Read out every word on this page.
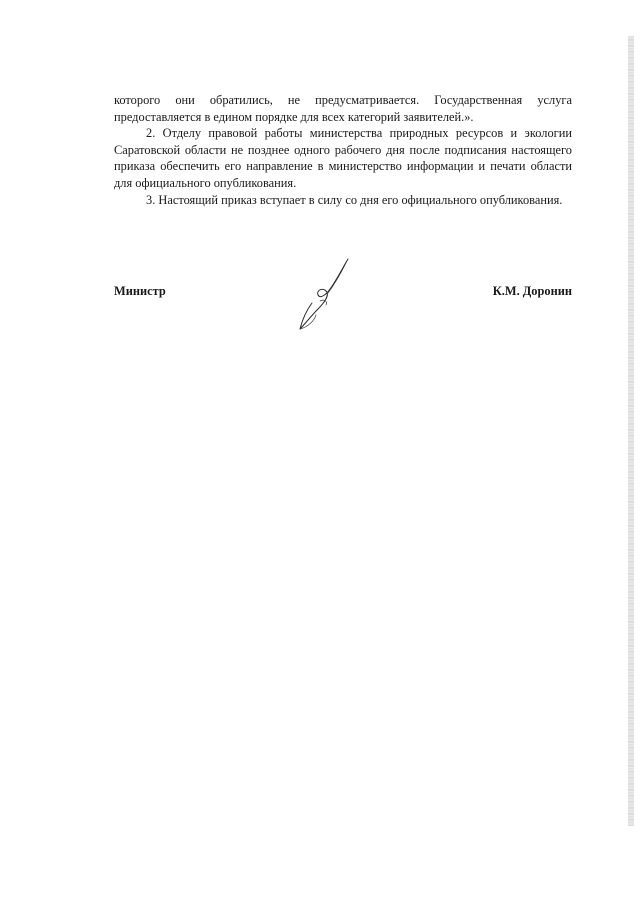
которого они обратились, не предусматривается. Государственная услуга предоставляется в едином порядке для всех категорий заявителей.».

2. Отделу правовой работы министерства природных ресурсов и экологии Саратовской области не позднее одного рабочего дня после подписания настоящего приказа обеспечить его направление в министерство информации и печати области для официального опубликования.

3. Настоящий приказ вступает в силу со дня его официального опубликования.

Министр	К.М. Доронин
